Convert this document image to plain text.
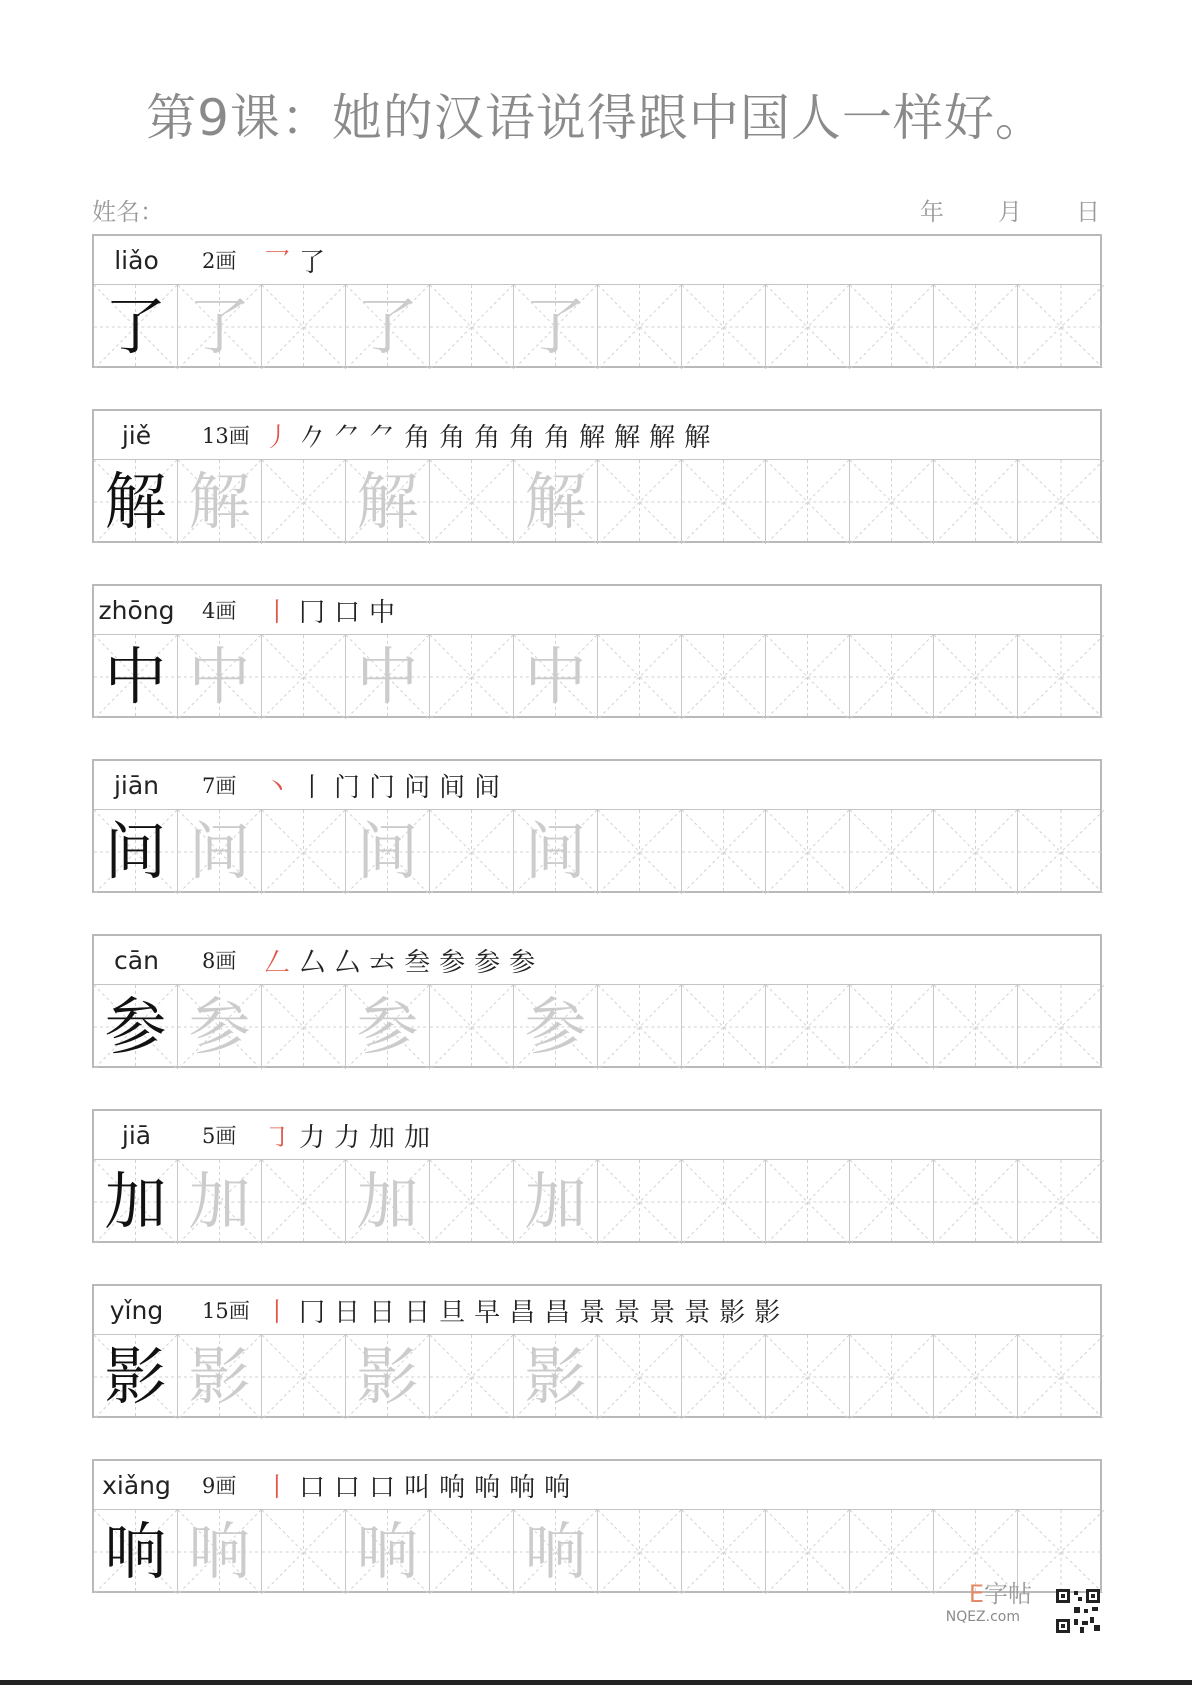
第9课：她的汉语说得跟中国人一样好。
姓名：	年 月 日
liǎo	2画 乛 了
了 了 了 了
jiě	13画 丿 𠂊 ⺈ ⺈ 角 角 角 角 角 解 解 解 解
解 解 解 解
zhōng 4画 丨 冂 口 中
中 中 中 中
jiān	7画 丶 丨 门 门 问 间 间
间 间 间 间
cān	8画 𠃋 厶 厶 𠫓 叁 参 参 参
参 参 参 参
jiā	5画 ㇆ 力 力 加 加
加 加 加 加
yǐng	15画 丨 冂 日 日 日 旦 早 昌 昌 景 景 景 景 影 影
影 影 影 影
xiǎng	9画 丨 口 口 口 叫 响 响 响 响
响 响 响 响
E字帖
NQEZ.com
